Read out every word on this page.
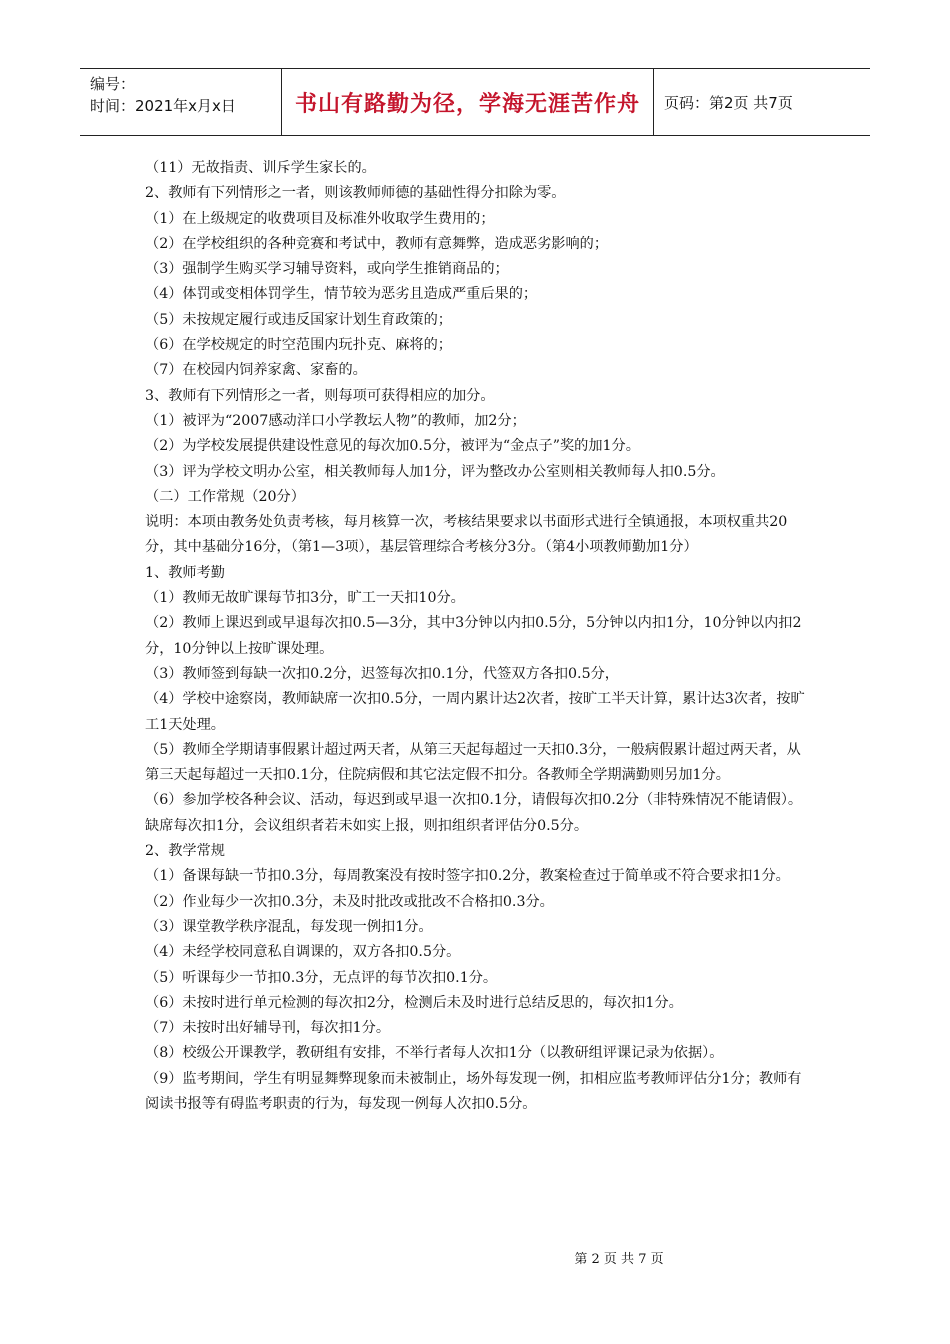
编号：
时间：2021年x月x日	书山有路勤为径，学海无涯苦作舟	页码：第2页 共7页

（11）无故指责、训斥学生家长的。

2、教师有下列情形之一者，则该教师师德的基础性得分扣除为零。

（1）在上级规定的收费项目及标准外收取学生费用的；

（2）在学校组织的各种竞赛和考试中，教师有意舞弊，造成恶劣影响的；

（3）强制学生购买学习辅导资料，或向学生推销商品的；

（4）体罚或变相体罚学生，情节较为恶劣且造成严重后果的；

（5）未按规定履行或违反国家计划生育政策的；

（6）在学校规定的时空范围内玩扑克、麻将的；

（7）在校园内饲养家禽、家畜的。

3、教师有下列情形之一者，则每项可获得相应的加分。

（1）被评为“2007感动洋口小学教坛人物”的教师，加2分；

（2）为学校发展提供建设性意见的每次加0.5分，被评为“金点子”奖的加1分。

（3）评为学校文明办公室，相关教师每人加1分，评为整改办公室则相关教师每人扣0.5分。

（二）工作常规（20分）

说明：本项由教务处负责考核，每月核算一次，考核结果要求以书面形式进行全镇通报，本项权重共20分，其中基础分16分，（第1—3项），基层管理综合考核分3分。（第4小项教师勤加1分）

1、教师考勤

（1）教师无故旷课每节扣3分，旷工一天扣10分。

（2）教师上课迟到或早退每次扣0.5—3分，其中3分钟以内扣0.5分，5分钟以内扣1分，10分钟以内扣2分，10分钟以上按旷课处理。

（3）教师签到每缺一次扣0.2分，迟签每次扣0.1分，代签双方各扣0.5分，

（4）学校中途察岗，教师缺席一次扣0.5分，一周内累计达2次者，按旷工半天计算，累计达3次者，按旷工1天处理。

（5）教师全学期请事假累计超过两天者，从第三天起每超过一天扣0.3分，一般病假累计超过两天者，从第三天起每超过一天扣0.1分，住院病假和其它法定假不扣分。各教师全学期满勤则另加1分。

（6）参加学校各种会议、活动，每迟到或早退一次扣0.1分，请假每次扣0.2分（非特殊情况不能请假）。缺席每次扣1分，会议组织者若未如实上报，则扣组织者评估分0.5分。

2、教学常规

（1）备课每缺一节扣0.3分，每周教案没有按时签字扣0.2分，教案检查过于简单或不符合要求扣1分。

（2）作业每少一次扣0.3分，未及时批改或批改不合格扣0.3分。

（3）课堂教学秩序混乱，每发现一例扣1分。

（4）未经学校同意私自调课的，双方各扣0.5分。

（5）听课每少一节扣0.3分，无点评的每节次扣0.1分。

（6）未按时进行单元检测的每次扣2分，检测后未及时进行总结反思的，每次扣1分。

（7）未按时出好辅导刊，每次扣1分。

（8）校级公开课教学，教研组有安排，不举行者每人次扣1分（以教研组评课记录为依据）。

（9）监考期间，学生有明显舞弊现象而未被制止，场外每发现一例，扣相应监考教师评估分1分；教师有阅读书报等有碍监考职责的行为，每发现一例每人次扣0.5分。

第 2 页 共 7 页
